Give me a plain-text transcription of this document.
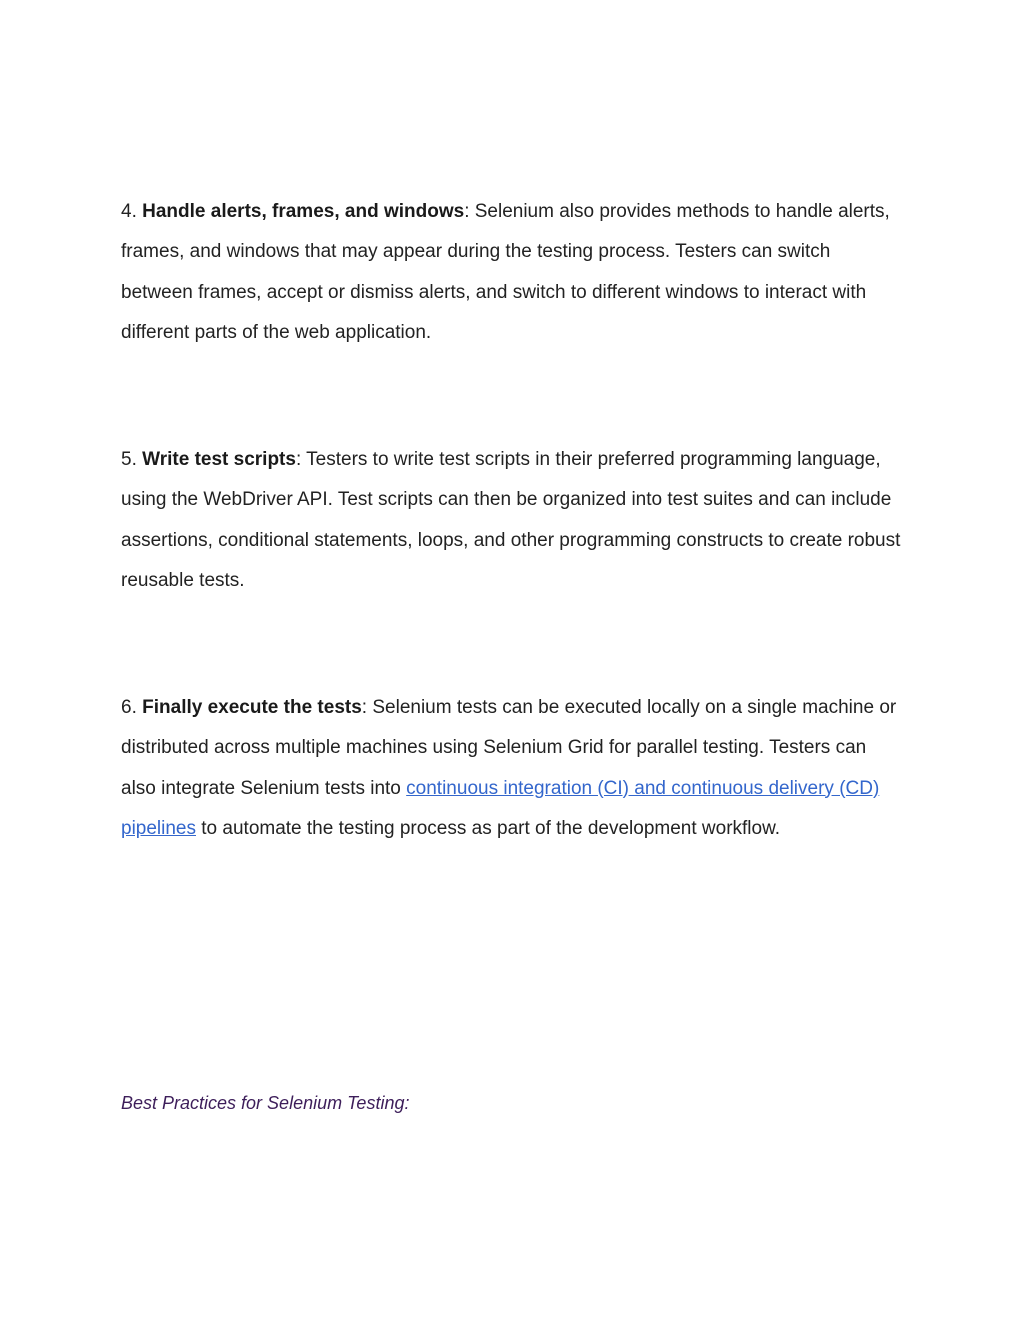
4. Handle alerts, frames, and windows: Selenium also provides methods to handle alerts, frames, and windows that may appear during the testing process. Testers can switch between frames, accept or dismiss alerts, and switch to different windows to interact with different parts of the web application.

5. Write test scripts: Testers to write test scripts in their preferred programming language, using the WebDriver API. Test scripts can then be organized into test suites and can include assertions, conditional statements, loops, and other programming constructs to create robust reusable tests.

6. Finally execute the tests: Selenium tests can be executed locally on a single machine or distributed across multiple machines using Selenium Grid for parallel testing. Testers can also integrate Selenium tests into continuous integration (CI) and continuous delivery (CD) pipelines to automate the testing process as part of the development workflow.

Best Practices for Selenium Testing:
